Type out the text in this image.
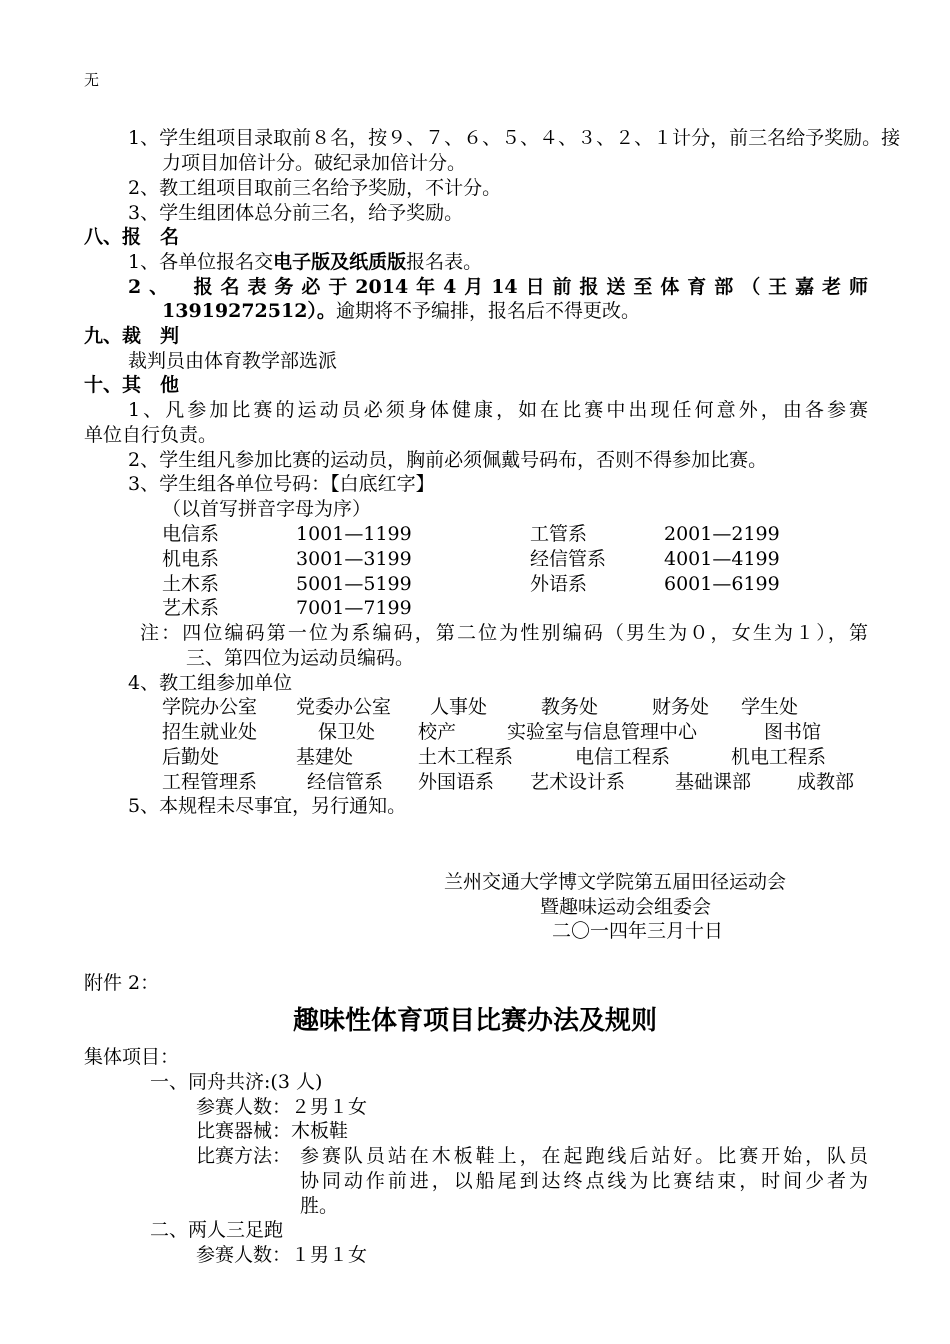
无
1、学生组项目录取前８名，按９、７、６、５、４、３、２、１计分，前三名给予奖励。接
力项目加倍计分。破纪录加倍计分。
2、教工组项目取前三名给予奖励，不计分。
3、学生组团体总分前三名，给予奖励。
八、报　名
1、各单位报名交电子版及纸质版报名表。
2、　报名表务必于2014年4月14日前报送至体育部（王嘉老师
13919272512）。逾期将不予编排，报名后不得更改。
九、裁　判
裁判员由体育教学部选派
十、其　他
1、凡参加比赛的运动员必须身体健康，如在比赛中出现任何意外，由各参赛
单位自行负责。
2、学生组凡参加比赛的运动员，胸前必须佩戴号码布，否则不得参加比赛。
3、学生组各单位号码：【白底红字】
（以首写拼音字母为序）
电信系	1001—1199	工管系	2001—2199
机电系	3001—3199	经信管系	4001—4199
土木系	5001—5199	外语系	6001—6199
艺术系	7001—7199
注：四位编码第一位为系编码，第二位为性别编码（男生为０，女生为１），第
三、第四位为运动员编码。
4、教工组参加单位
学院办公室 党委办公室 人事处	教务处	财务处 学生处
招生就业处	保卫处 校产	实验室与信息管理中心	图书馆
后勤处	基建处	土木工程系	电信工程系	机电工程系
工程管理系	经信管系 外国语系 艺术设计系	基础课部 成教部
5、本规程未尽事宜，另行通知。
兰州交通大学博文学院第五届田径运动会
暨趣味运动会组委会
二〇一四年三月十日
附件 2：
趣味性体育项目比赛办法及规则
集体项目：
一、同舟共济:(3 人)
参赛人数：２男１女
比赛器械：木板鞋
比赛方法： 参赛队员站在木板鞋上，在起跑线后站好。比赛开始，队员
协同动作前进，以船尾到达终点线为比赛结束，时间少者为
胜。
二、两人三足跑
参赛人数：１男１女
